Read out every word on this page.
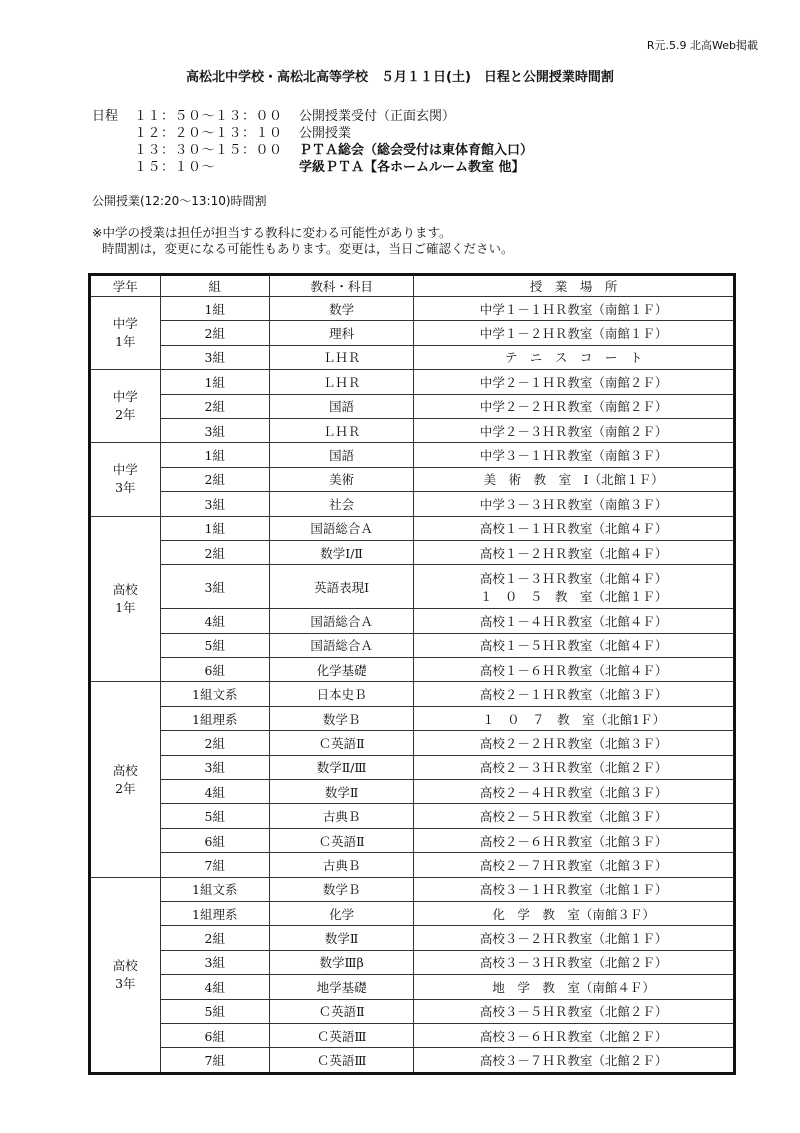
R元.5.9 北高Web掲載
高松北中学校・高松北高等学校　５月１１日(土)　日程と公開授業時間割
日程	１１：５０～１３：００	公開授業受付（正面玄関）
１２：２０～１３：１０	公開授業
１３：３０～１５：００	ＰＴＡ総会（総会受付は東体育館入口）
１５：１０～	学級ＰＴＡ【各ホームルーム教室 他】
公開授業(12:20～13:10)時間割
※中学の授業は担任が担当する教科に変わる可能性があります。
時間割は，変更になる可能性もあります。変更は，当日ご確認ください。
学年	組	教科・科目	授　業　場　所

中学
1年	1組	数学	中学１－１ＨＲ教室（南館１Ｆ）

	2組	理科	中学１－２ＨＲ教室（南館１Ｆ）

	3組	ＬＨＲ	テ　ニ　ス　コ　ー　ト

中学
2年	1組	ＬＨＲ	中学２－１ＨＲ教室（南館２Ｆ）

	2組	国語	中学２－２ＨＲ教室（南館２Ｆ）

	3組	ＬＨＲ	中学２－３ＨＲ教室（南館２Ｆ）

中学
3年	1組	国語	中学３－１ＨＲ教室（南館３Ｆ）

	2組	美術	美　術　教　室　Ⅰ（北館１Ｆ）

	3組	社会	中学３－３ＨＲ教室（南館３Ｆ）

高校
1年	1組	国語総合Ａ	高校１－１ＨＲ教室（北館４Ｆ）

	2組	数学Ⅰ/Ⅱ	高校１－２ＨＲ教室（北館４Ｆ）

	3組	英語表現Ⅰ	高校１－３ＨＲ教室（北館４Ｆ）
１　０　５　教　室（北館１Ｆ）

	4組	国語総合Ａ	高校１－４ＨＲ教室（北館４Ｆ）

	5組	国語総合Ａ	高校１－５ＨＲ教室（北館４Ｆ）

	6組	化学基礎	高校１－６ＨＲ教室（北館４Ｆ）

高校
2年	1組文系	日本史Ｂ	高校２－１ＨＲ教室（北館３Ｆ）

	1組理系	数学Ｂ	１　０　７　教　室（北館1Ｆ）

	2組	Ｃ英語Ⅱ	高校２－２ＨＲ教室（北館３Ｆ）

	3組	数学Ⅱ/Ⅲ	高校２－３ＨＲ教室（北館２Ｆ）

	4組	数学Ⅱ	高校２－４ＨＲ教室（北館３Ｆ）

	5組	古典Ｂ	高校２－５ＨＲ教室（北館３Ｆ）

	6組	Ｃ英語Ⅱ	高校２－６ＨＲ教室（北館３Ｆ）

	7組	古典Ｂ	高校２－７ＨＲ教室（北館３Ｆ）

高校
3年	1組文系	数学Ｂ	高校３－１ＨＲ教室（北館１Ｆ）

	1組理系	化学	化　学　教　室（南館３Ｆ）

	2組	数学Ⅱ	高校３－２ＨＲ教室（北館１Ｆ）

	3組	数学Ⅲβ	高校３－３ＨＲ教室（北館２Ｆ）

	4組	地学基礎	地　学　教　室（南館４Ｆ）

	5組	Ｃ英語Ⅱ	高校３－５ＨＲ教室（北館２Ｆ）

	6組	Ｃ英語Ⅲ	高校３－６ＨＲ教室（北館２Ｆ）

	7組	Ｃ英語Ⅲ	高校３－７ＨＲ教室（北館２Ｆ）
